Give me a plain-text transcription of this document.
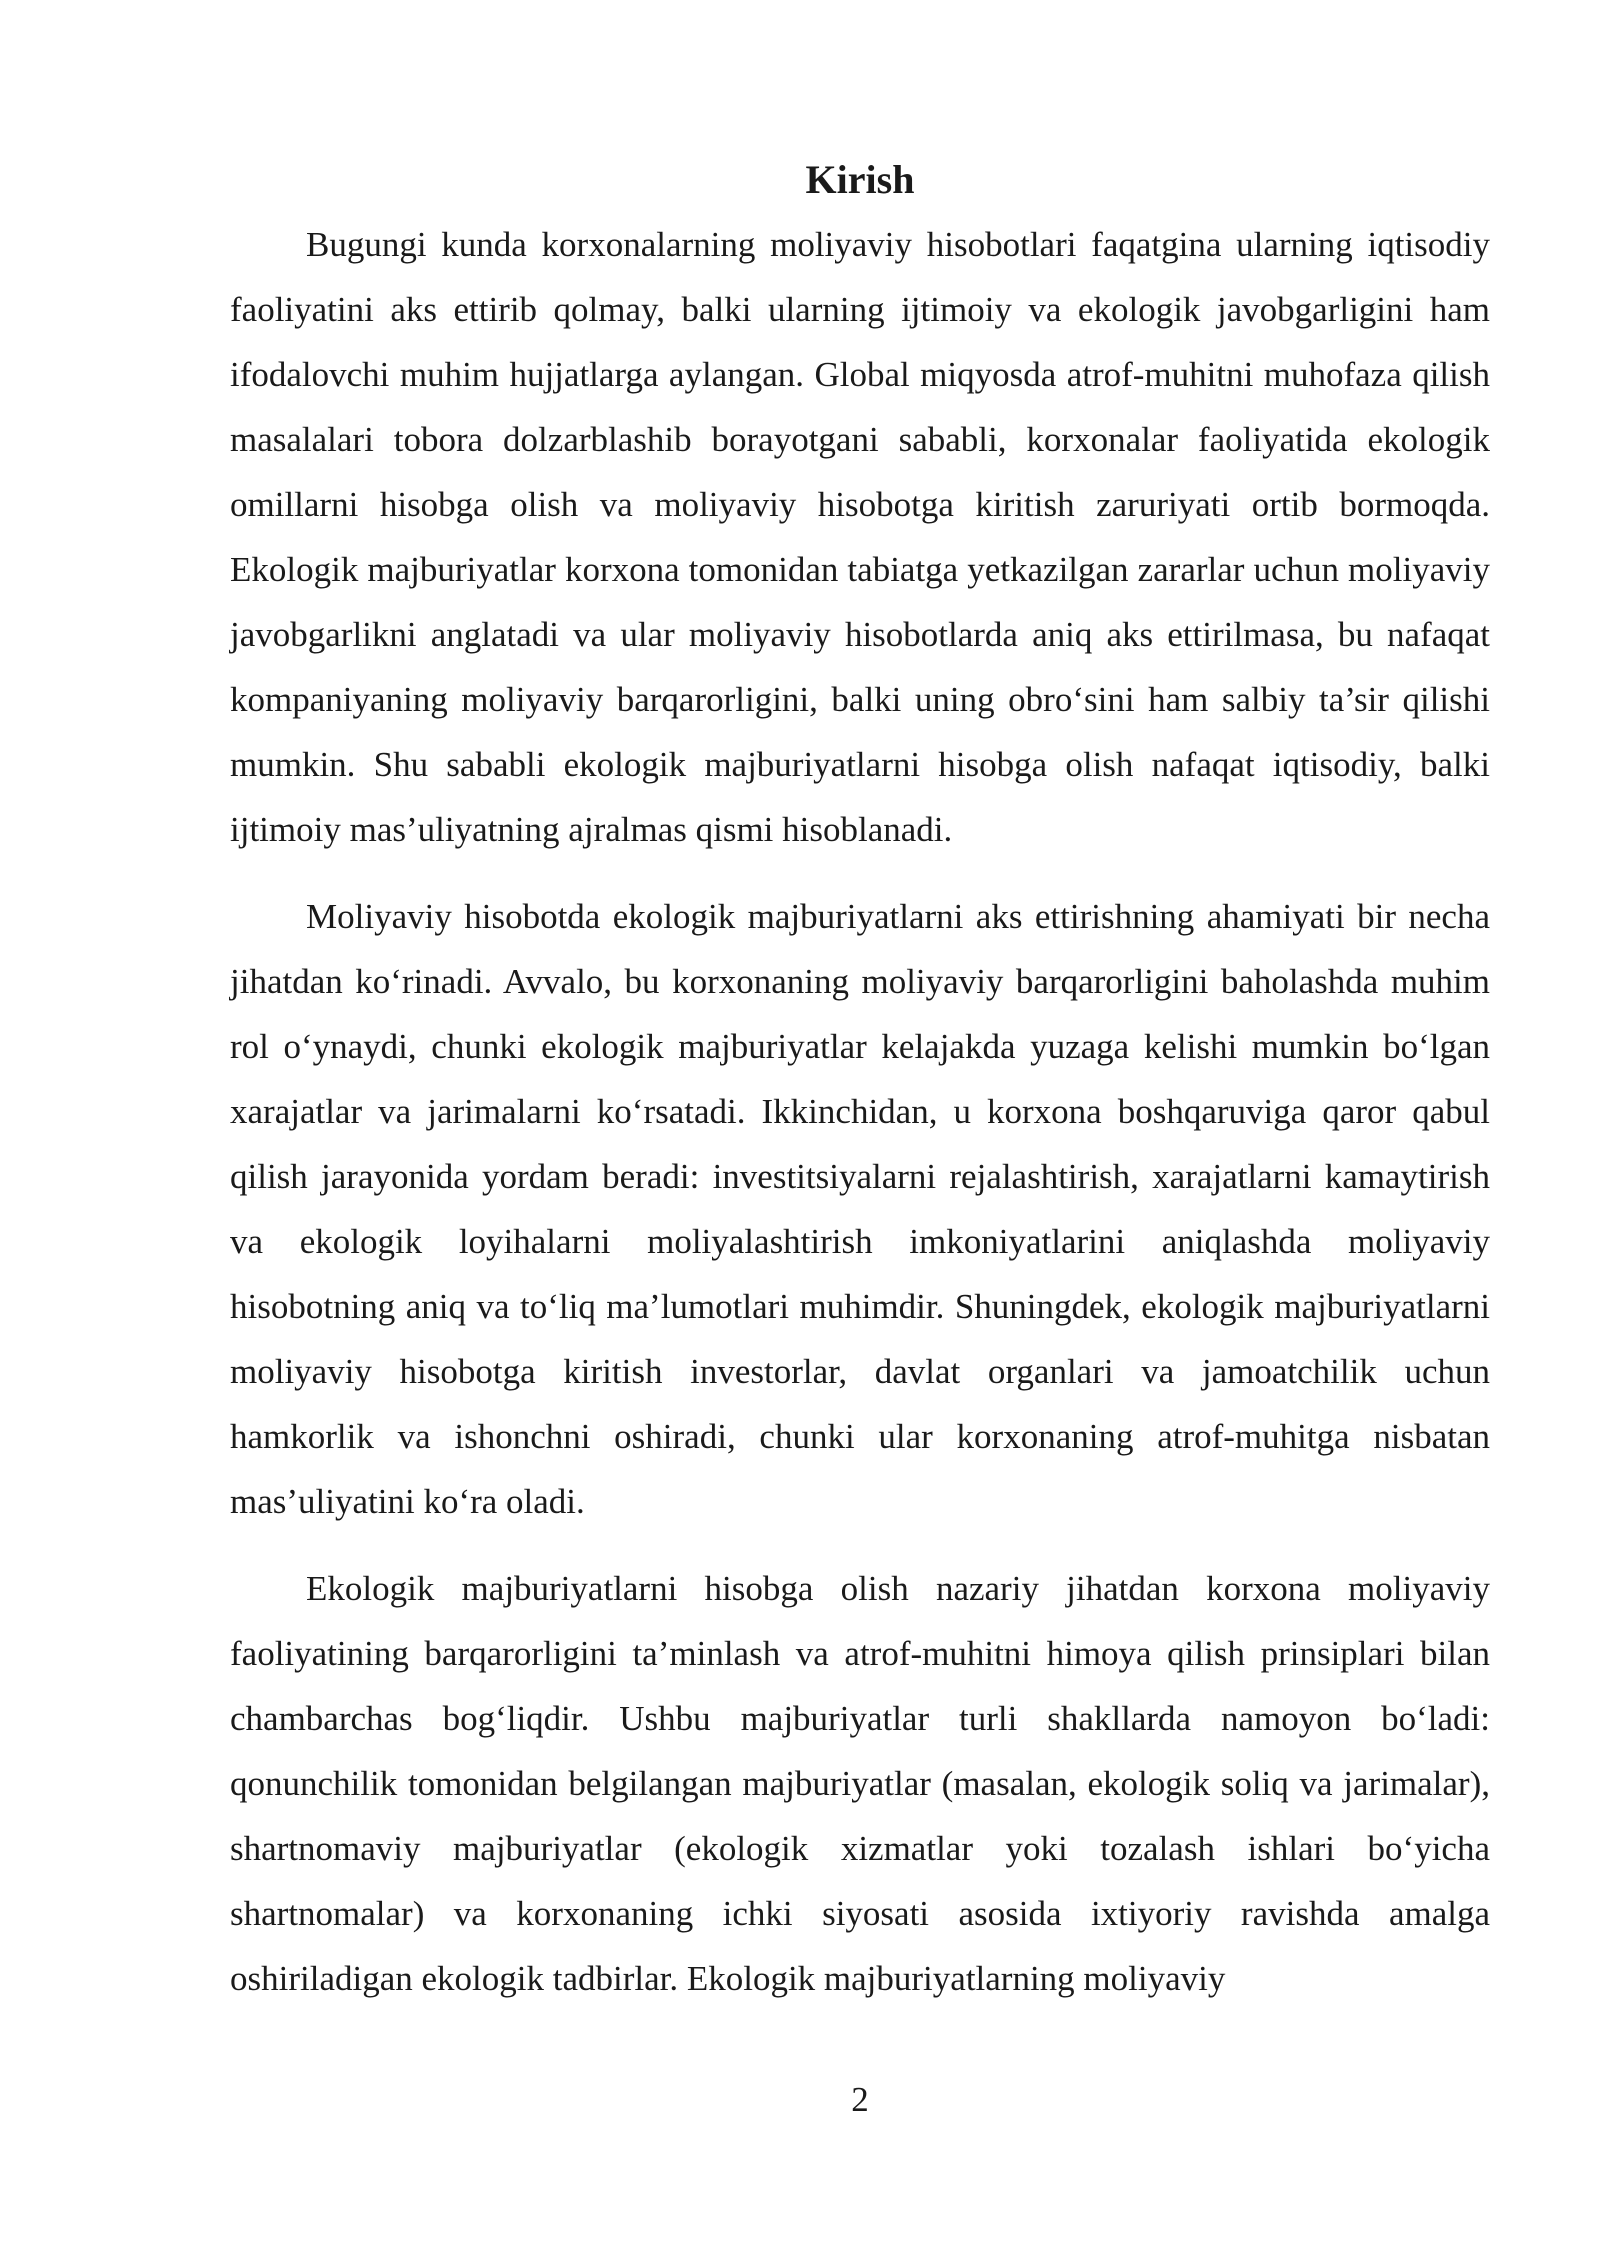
Kirish

Bugungi kunda korxonalarning moliyaviy hisobotlari faqatgina ularning iqtisodiy faoliyatini aks ettirib qolmay, balki ularning ijtimoiy va ekologik javobgarligini ham ifodalovchi muhim hujjatlarga aylangan. Global miqyosda atrof-muhitni muhofaza qilish masalalari tobora dolzarblashib borayotgani sababli, korxonalar faoliyatida ekologik omillarni hisobga olish va moliyaviy hisobotga kiritish zaruriyati ortib bormoqda. Ekologik majburiyatlar korxona tomonidan tabiatga yetkazilgan zararlar uchun moliyaviy javobgarlikni anglatadi va ular moliyaviy hisobotlarda aniq aks ettirilmasa, bu nafaqat kompaniyaning moliyaviy barqarorligini, balki uning obro‘sini ham salbiy ta’sir qilishi mumkin. Shu sababli ekologik majburiyatlarni hisobga olish nafaqat iqtisodiy, balki ijtimoiy mas’uliyatning ajralmas qismi hisoblanadi.

Moliyaviy hisobotda ekologik majburiyatlarni aks ettirishning ahamiyati bir necha jihatdan ko‘rinadi. Avvalo, bu korxonaning moliyaviy barqarorligini baholashda muhim rol o‘ynaydi, chunki ekologik majburiyatlar kelajakda yuzaga kelishi mumkin bo‘lgan xarajatlar va jarimalarni ko‘rsatadi. Ikkinchidan, u korxona boshqaruviga qaror qabul qilish jarayonida yordam beradi: investitsiyalarni rejalashtirish, xarajatlarni kamaytirish va ekologik loyihalarni moliyalashtirish imkoniyatlarini aniqlashda moliyaviy hisobotning aniq va to‘liq ma’lumotlari muhimdir. Shuningdek, ekologik majburiyatlarni moliyaviy hisobotga kiritish investorlar, davlat organlari va jamoatchilik uchun hamkorlik va ishonchni oshiradi, chunki ular korxonaning atrof-muhitga nisbatan mas’uliyatini ko‘ra oladi.

Ekologik majburiyatlarni hisobga olish nazariy jihatdan korxona moliyaviy faoliyatining barqarorligini ta’minlash va atrof-muhitni himoya qilish prinsiplari bilan chambarchas bog‘liqdir. Ushbu majburiyatlar turli shakllarda namoyon bo‘ladi: qonunchilik tomonidan belgilangan majburiyatlar (masalan, ekologik soliq va jarimalar), shartnomaviy majburiyatlar (ekologik xizmatlar yoki tozalash ishlari bo‘yicha shartnomalar) va korxonaning ichki siyosati asosida ixtiyoriy ravishda amalga oshiriladigan ekologik tadbirlar. Ekologik majburiyatlarning moliyaviy

2
